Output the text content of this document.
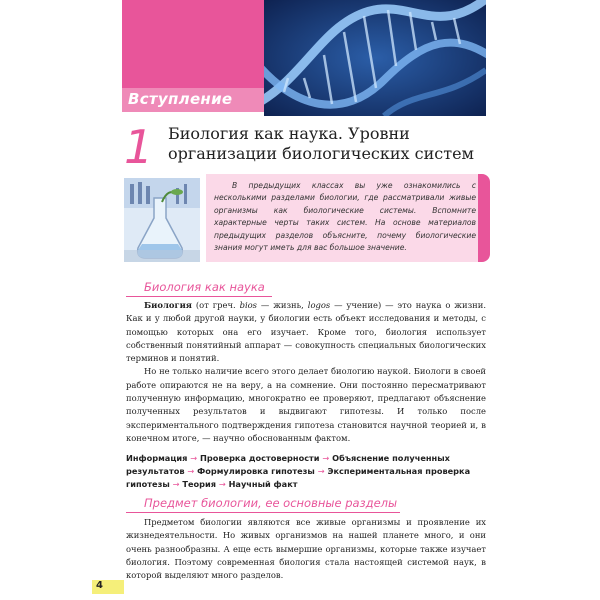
Вступление
1 Биология как наука. Уровни организации биологических систем
В предыдущих классах вы уже ознакомились с несколькими разделами биологии, где рассматривали живые организмы как биологические системы. Вспомните характерные черты таких систем. На основе материалов предыдущих разделов объясните, почему биологические знания могут иметь для вас большое значение.
Биология как наука

Биология (от греч. bios — жизнь, logos — учение) — это наука о жизни. Как и у любой другой науки, у биологии есть объект исследования и методы, с помощью которых она его изучает. Кроме того, биология использует собственный понятийный аппарат — совокупность специальных биологических терминов и понятий.

Но не только наличие всего этого делает биологию наукой. Биологи в своей работе опираются не на веру, а на сомнение. Они постоянно пересматривают полученную информацию, многократно ее проверяют, предлагают объяснение полученных результатов и выдвигают гипотезы. И только после экспериментального подтверждения гипотеза становится научной теорией и, в конечном итоге, — научно обоснованным фактом.

Информация → Проверка достоверности → Объяснение полученных результатов → Формулировка гипотезы → Экспериментальная проверка гипотезы → Теория → Научный факт
Предмет биологии, ее основные разделы

Предметом биологии являются все живые организмы и проявление их жизнедеятельности. Но живых организмов на нашей планете много, и они очень разнообразны. А еще есть вымершие организмы, которые также изучает биология. Поэтому современная биология стала настоящей системой наук, в которой выделяют много разделов.

4
